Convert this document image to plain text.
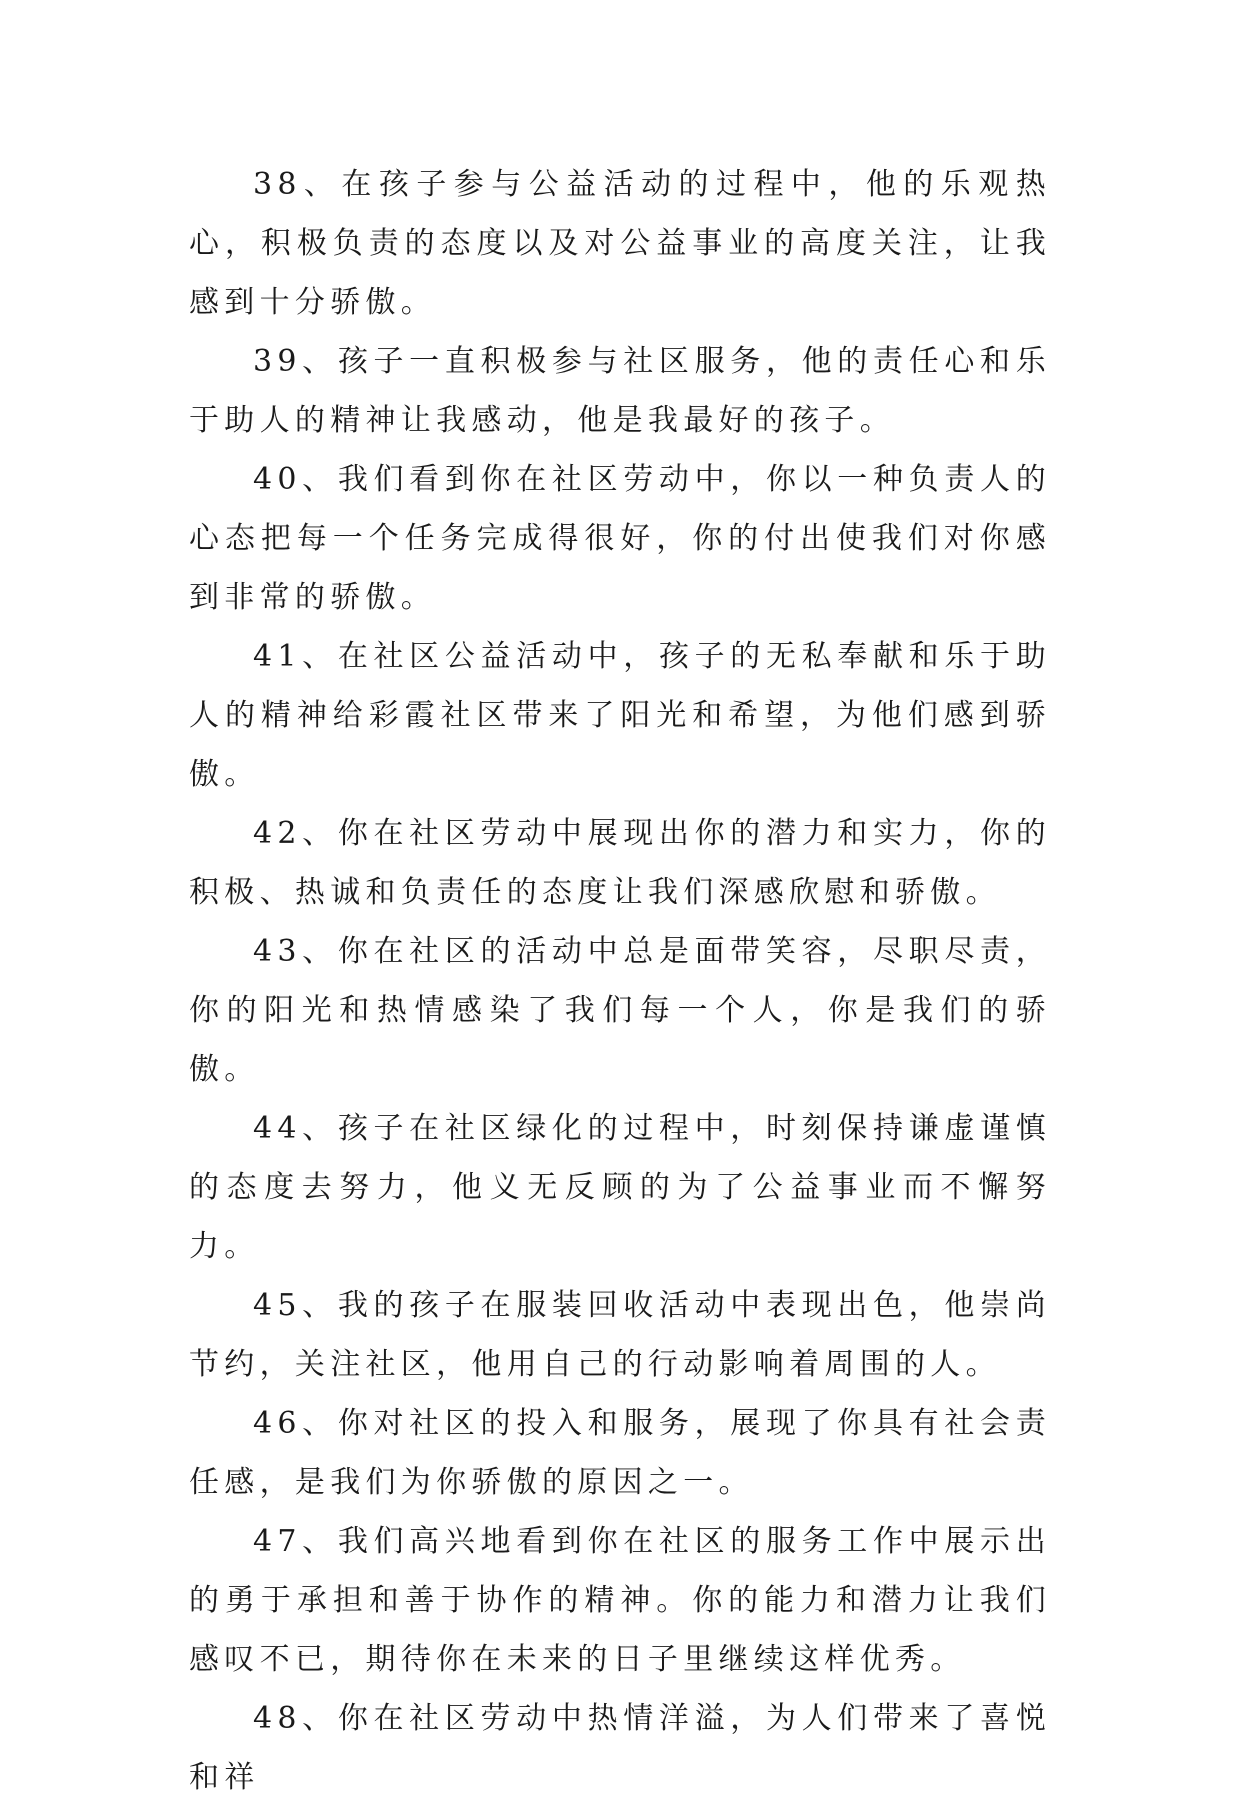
38、在孩子参与公益活动的过程中，他的乐观热心，积极负责的态度以及对公益事业的高度关注，让我感到十分骄傲。

39、孩子一直积极参与社区服务，他的责任心和乐于助人的精神让我感动，他是我最好的孩子。

40、我们看到你在社区劳动中，你以一种负责人的心态把每一个任务完成得很好，你的付出使我们对你感到非常的骄傲。

41、在社区公益活动中，孩子的无私奉献和乐于助人的精神给彩霞社区带来了阳光和希望，为他们感到骄傲。

42、你在社区劳动中展现出你的潜力和实力，你的积极、热诚和负责任的态度让我们深感欣慰和骄傲。

43、你在社区的活动中总是面带笑容，尽职尽责，你的阳光和热情感染了我们每一个人，你是我们的骄傲。

44、孩子在社区绿化的过程中，时刻保持谦虚谨慎的态度去努力，他义无反顾的为了公益事业而不懈努力。

45、我的孩子在服装回收活动中表现出色，他崇尚节约，关注社区，他用自己的行动影响着周围的人。

46、你对社区的投入和服务，展现了你具有社会责任感，是我们为你骄傲的原因之一。

47、我们高兴地看到你在社区的服务工作中展示出的勇于承担和善于协作的精神。你的能力和潜力让我们感叹不已，期待你在未来的日子里继续这样优秀。

48、你在社区劳动中热情洋溢，为人们带来了喜悦和祥
